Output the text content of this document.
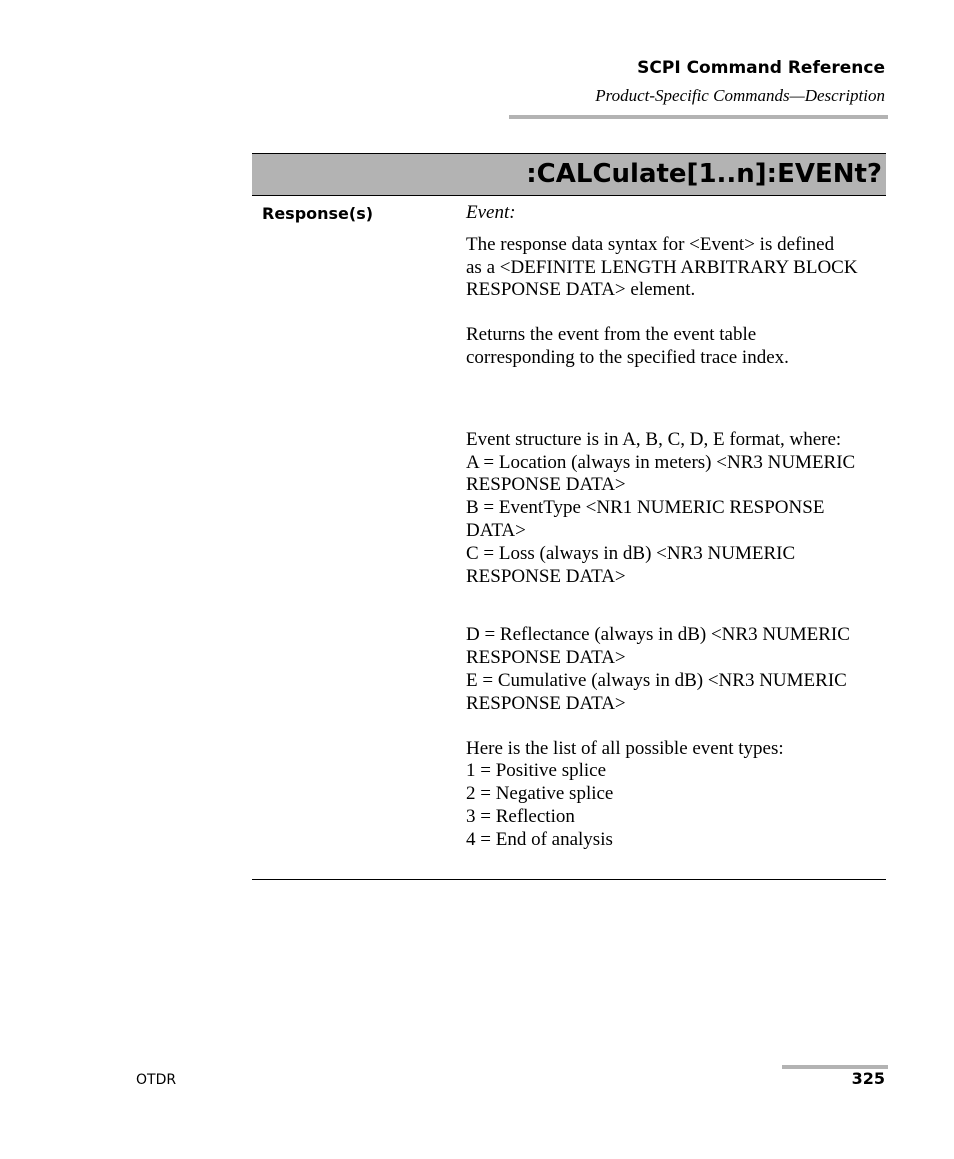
SCPI Command Reference
Product-Specific Commands—Description
:CALCulate[1..n]:EVENt?
Response(s)	Event:

The response data syntax for <Event> is defined

as a <DEFINITE LENGTH ARBITRARY BLOCK

RESPONSE DATA> element.

Returns the event from the event table

corresponding to the specified trace index.

Event structure is in A, B, C, D, E format, where:

A = Location (always in meters) <NR3 NUMERIC

RESPONSE DATA>

B = EventType <NR1 NUMERIC RESPONSE

DATA>

C = Loss (always in dB) <NR3 NUMERIC

RESPONSE DATA>

D = Reflectance (always in dB) <NR3 NUMERIC

RESPONSE DATA>

E = Cumulative (always in dB) <NR3 NUMERIC

RESPONSE DATA>

Here is the list of all possible event types:

1 = Positive splice

2 = Negative splice

3 = Reflection

4 = End of analysis

OTDR	325
